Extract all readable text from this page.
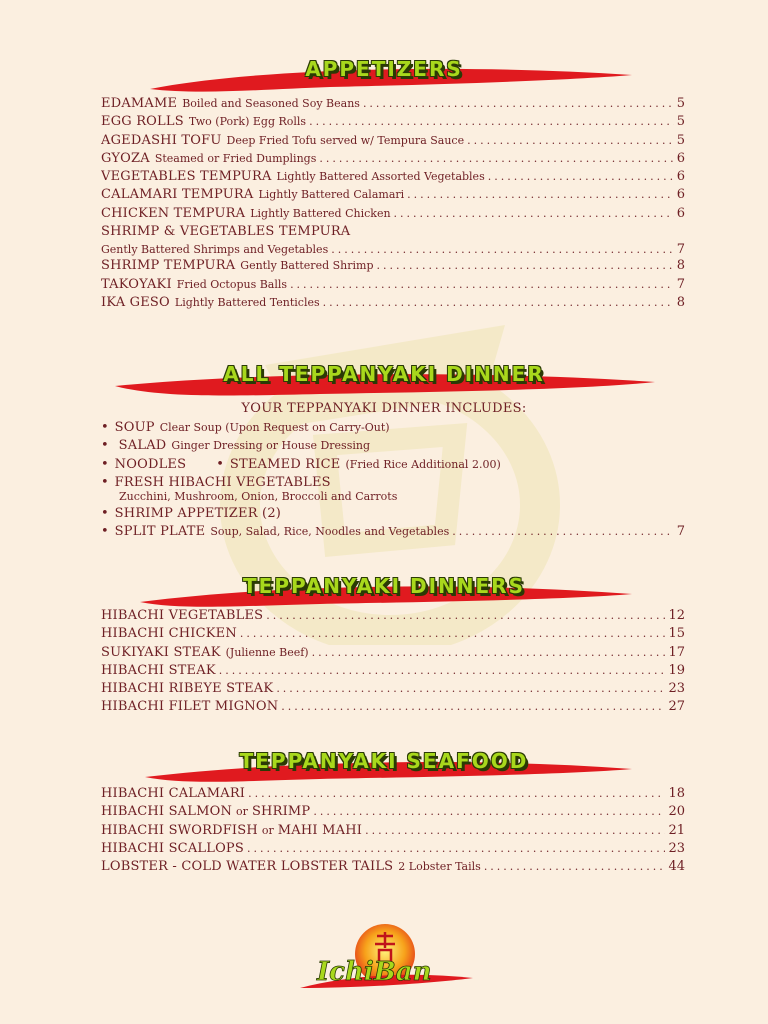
APPETIZERS
EDAMAME Boiled and Seasoned Soy Beans .....	5
EGG ROLLS Two (Pork) Egg Rolls .....	5
AGEDASHI TOFU Deep Fried Tofu served w/ Tempura Sauce .....	5
GYOZA Steamed or Fried Dumplings .....	6
VEGETABLES TEMPURA Lightly Battered Assorted Vegetables .....	6
CALAMARI TEMPURA Lightly Battered Calamari .....	6
CHICKEN TEMPURA Lightly Battered Chicken .....	6
SHRIMP & VEGETABLES TEMPURA
Gently Battered Shrimps and Vegetables .....	7
SHRIMP TEMPURA Gently Battered Shrimp .....	8
TAKOYAKI Fried Octopus Balls .....	7
IKA GESO Lightly Battered Tenticles .....	8
ALL TEPPANYAKI DINNER
YOUR TEPPANYAKI DINNER INCLUDES:
• SOUP Clear Soup (Upon Request on Carry-Out)
• SALAD Ginger Dressing or House Dressing
• NOODLES • STEAMED RICE (Fried Rice Additional 2.00)
• FRESH HIBACHI VEGETABLES
Zucchini, Mushroom, Onion, Broccoli and Carrots
• SHRIMP APPETIZER (2)
• SPLIT PLATE Soup, Salad, Rice, Noodles and Vegetables .....	7
TEPPANYAKI DINNERS
HIBACHI VEGETABLES .....	12
HIBACHI CHICKEN .....	15
SUKIYAKI STEAK (Julienne Beef) .....	17
HIBACHI STEAK .....	19
HIBACHI RIBEYE STEAK .....	23
HIBACHI FILET MIGNON .....	27
TEPPANYAKI SEAFOOD
HIBACHI CALAMARI .....	18
HIBACHI SALMON or SHRIMP .....	20
HIBACHI SWORDFISH or MAHI MAHI .....	21
HIBACHI SCALLOPS .....	23
LOBSTER - COLD WATER LOBSTER TAILS 2 Lobster Tails .....	44
IchiBan
